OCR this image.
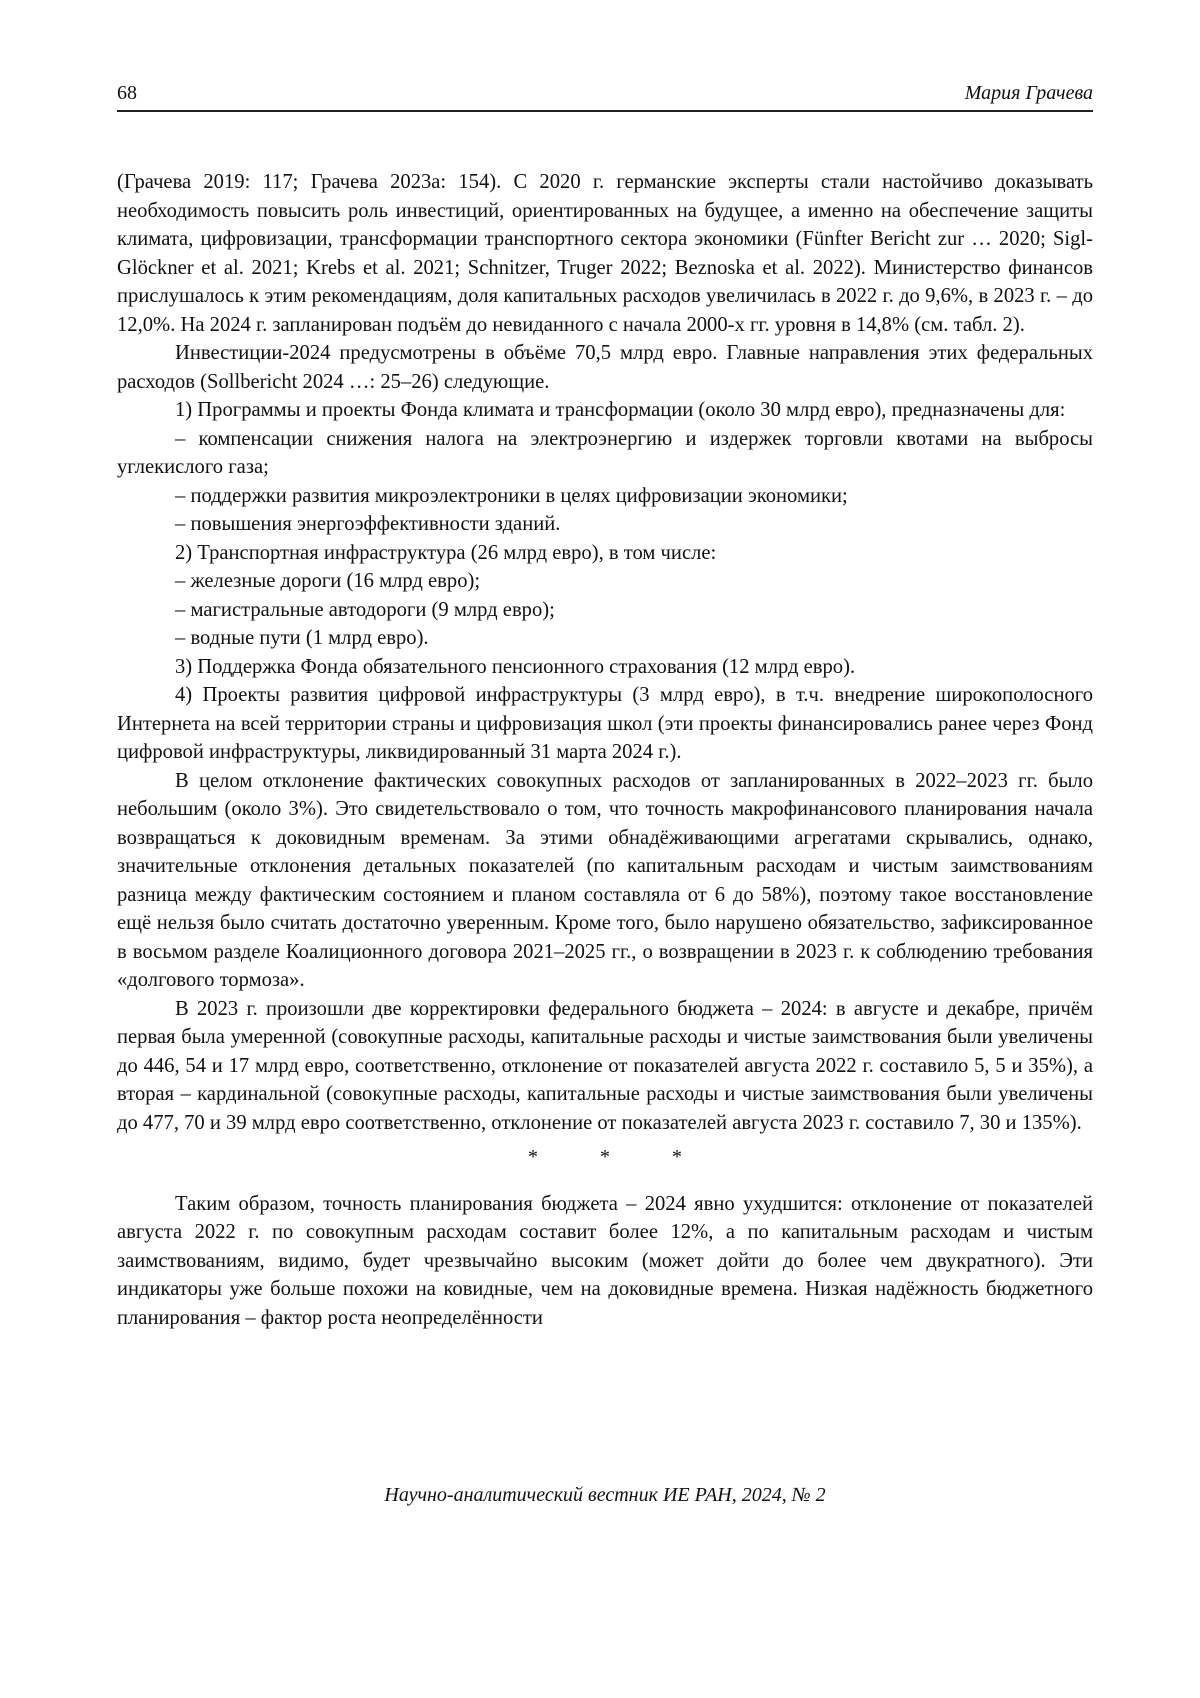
68	Мария Грачева

(Грачева 2019: 117; Грачева 2023а: 154). С 2020 г. германские эксперты стали настойчиво доказывать необходимость повысить роль инвестиций, ориентированных на будущее, а именно на обеспечение защиты климата, цифровизации, трансформации транспортного сектора экономики (Fünfter Bericht zur … 2020; Sigl-Glöckner et al. 2021; Krebs et al. 2021; Schnitzer, Truger 2022; Beznoska et al. 2022). Министерство финансов прислушалось к этим рекомендациям, доля капитальных расходов увеличилась в 2022 г. до 9,6%, в 2023 г. – до 12,0%. На 2024 г. запланирован подъём до невиданного с начала 2000-х гг. уровня в 14,8% (см. табл. 2).

Инвестиции-2024 предусмотрены в объёме 70,5 млрд евро. Главные направления этих федеральных расходов (Sollbericht 2024 …: 25–26) следующие.

1) Программы и проекты Фонда климата и трансформации (около 30 млрд евро), предназначены для:

– компенсации снижения налога на электроэнергию и издержек торговли квотами на выбросы углекислого газа;

– поддержки развития микроэлектроники в целях цифровизации экономики;

– повышения энергоэффективности зданий.

2) Транспортная инфраструктура (26 млрд евро), в том числе:

– железные дороги (16 млрд евро);

– магистральные автодороги (9 млрд евро);

– водные пути (1 млрд евро).

3) Поддержка Фонда обязательного пенсионного страхования (12 млрд евро).

4) Проекты развития цифровой инфраструктуры (3 млрд евро), в т.ч. внедрение широкополосного Интернета на всей территории страны и цифровизация школ (эти проекты финансировались ранее через Фонд цифровой инфраструктуры, ликвидированный 31 марта 2024 г.).

В целом отклонение фактических совокупных расходов от запланированных в 2022–2023 гг. было небольшим (около 3%). Это свидетельствовало о том, что точность макрофинансового планирования начала возвращаться к доковидным временам. За этими обнадёживающими агрегатами скрывались, однако, значительные отклонения детальных показателей (по капитальным расходам и чистым заимствованиям разница между фактическим состоянием и планом составляла от 6 до 58%), поэтому такое восстановление ещё нельзя было считать достаточно уверенным. Кроме того, было нарушено обязательство, зафиксированное в восьмом разделе Коалиционного договора 2021–2025 гг., о возвращении в 2023 г. к соблюдению требования «долгового тормоза».

В 2023 г. произошли две корректировки федерального бюджета – 2024: в августе и декабре, причём первая была умеренной (совокупные расходы, капитальные расходы и чистые заимствования были увеличены до 446, 54 и 17 млрд евро, соответственно, отклонение от показателей августа 2022 г. составило 5, 5 и 35%), а вторая – кардинальной (совокупные расходы, капитальные расходы и чистые заимствования были увеличены до 477, 70 и 39 млрд евро соответственно, отклонение от показателей августа 2023 г. составило 7, 30 и 135%).

*	*	*

Таким образом, точность планирования бюджета – 2024 явно ухудшится: отклонение от показателей августа 2022 г. по совокупным расходам составит более 12%, а по капитальным расходам и чистым заимствованиям, видимо, будет чрезвычайно высоким (может дойти до более чем двукратного). Эти индикаторы уже больше похожи на ковидные, чем на доковидные времена. Низкая надёжность бюджетного планирования – фактор роста неопределённости

Научно-аналитический вестник ИЕ РАН, 2024, № 2
